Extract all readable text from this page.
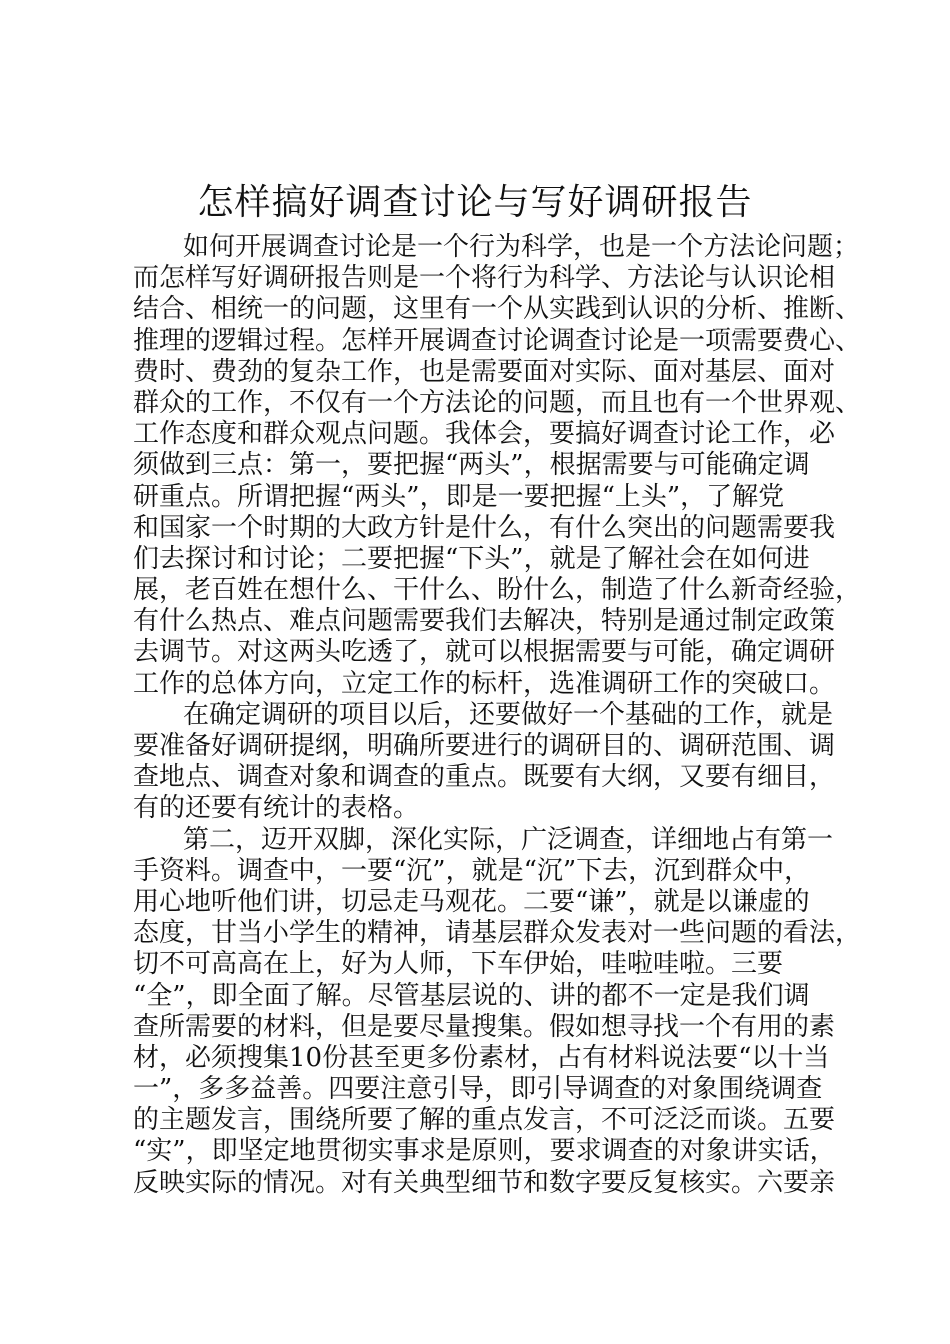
怎样搞好调查讨论与写好调研报告
如何开展调查讨论是一个行为科学，也是一个方法论问题；
而怎样写好调研报告则是一个将行为科学、方法论与认识论相
结合、相统一的问题，这里有一个从实践到认识的分析、推断、
推理的逻辑过程。怎样开展调查讨论调查讨论是一项需要费心、
费时、费劲的复杂工作，也是需要面对实际、面对基层、面对
群众的工作，不仅有一个方法论的问题，而且也有一个世界观、
工作态度和群众观点问题。我体会，要搞好调查讨论工作，必
须做到三点：第一，要把握“两头”，根据需要与可能确定调
研重点。所谓把握“两头”，即是一要把握“上头”，了解党
和国家一个时期的大政方针是什么，有什么突出的问题需要我
们去探讨和讨论；二要把握“下头”，就是了解社会在如何进
展，老百姓在想什么、干什么、盼什么，制造了什么新奇经验，
有什么热点、难点问题需要我们去解决，特别是通过制定政策
去调节。对这两头吃透了，就可以根据需要与可能，确定调研
工作的总体方向，立定工作的标杆，选准调研工作的突破口。
在确定调研的项目以后，还要做好一个基础的工作，就是
要准备好调研提纲，明确所要进行的调研目的、调研范围、调
查地点、调查对象和调查的重点。既要有大纲，又要有细目，
有的还要有统计的表格。
第二，迈开双脚，深化实际，广泛调查，详细地占有第一
手资料。调查中，一要“沉”，就是“沉”下去，沉到群众中，
用心地听他们讲，切忌走马观花。二要“谦”，就是以谦虚的
态度，甘当小学生的精神，请基层群众发表对一些问题的看法，
切不可高高在上，好为人师，下车伊始，哇啦哇啦。三要
“全”，即全面了解。尽管基层说的、讲的都不一定是我们调
查所需要的材料，但是要尽量搜集。假如想寻找一个有用的素
材，必须搜集10份甚至更多份素材，占有材料说法要“以十当
一”，多多益善。四要注意引导，即引导调查的对象围绕调查
的主题发言，围绕所要了解的重点发言，不可泛泛而谈。五要
“实”，即坚定地贯彻实事求是原则，要求调查的对象讲实话，
反映实际的情况。对有关典型细节和数字要反复核实。六要亲
